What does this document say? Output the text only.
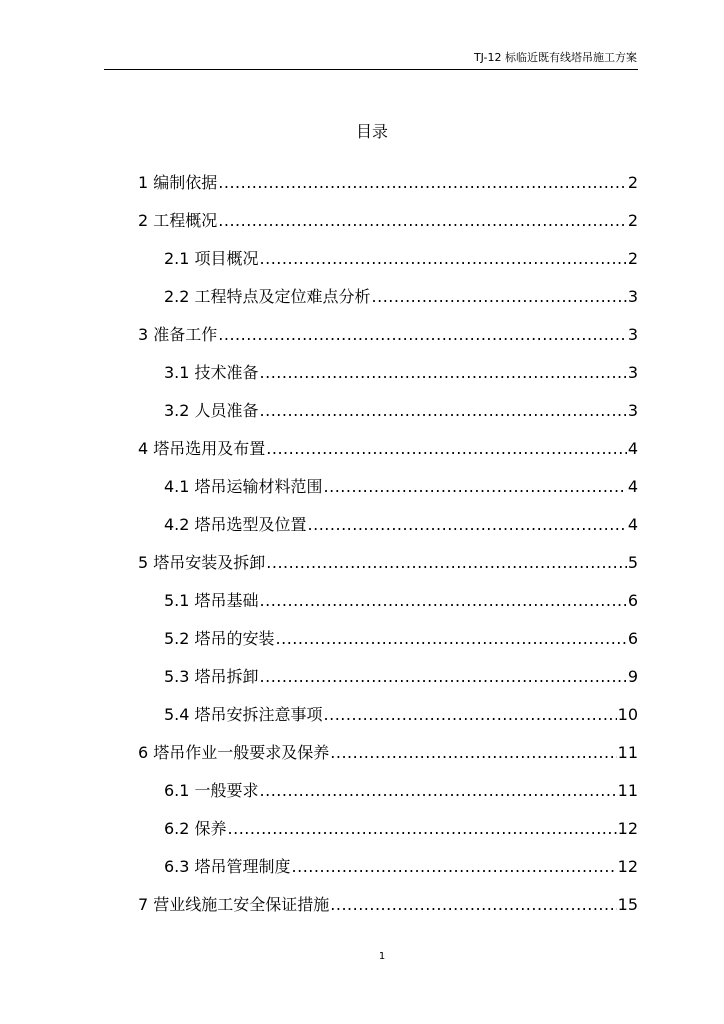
TJ-12 标临近既有线塔吊施工方案
目录
1 编制依据 .....	2
2 工程概况 .....	2
2.1 项目概况 .....	2
2.2 工程特点及定位难点分析 .....	3
3 准备工作 .....	3
3.1 技术准备 .....	3
3.2 人员准备 .....	3
4 塔吊选用及布置 .....	4
4.1 塔吊运输材料范围 .....	4
4.2 塔吊选型及位置 .....	4
5 塔吊安装及拆卸 .....	5
5.1 塔吊基础 .....	6
5.2 塔吊的安装 .....	6
5.3 塔吊拆卸 .....	9
5.4 塔吊安拆注意事项 .....	10
6 塔吊作业一般要求及保养 .....	11
6.1 一般要求 .....	11
6.2 保养 .....	12
6.3 塔吊管理制度 .....	12
7 营业线施工安全保证措施 .....	15
1
